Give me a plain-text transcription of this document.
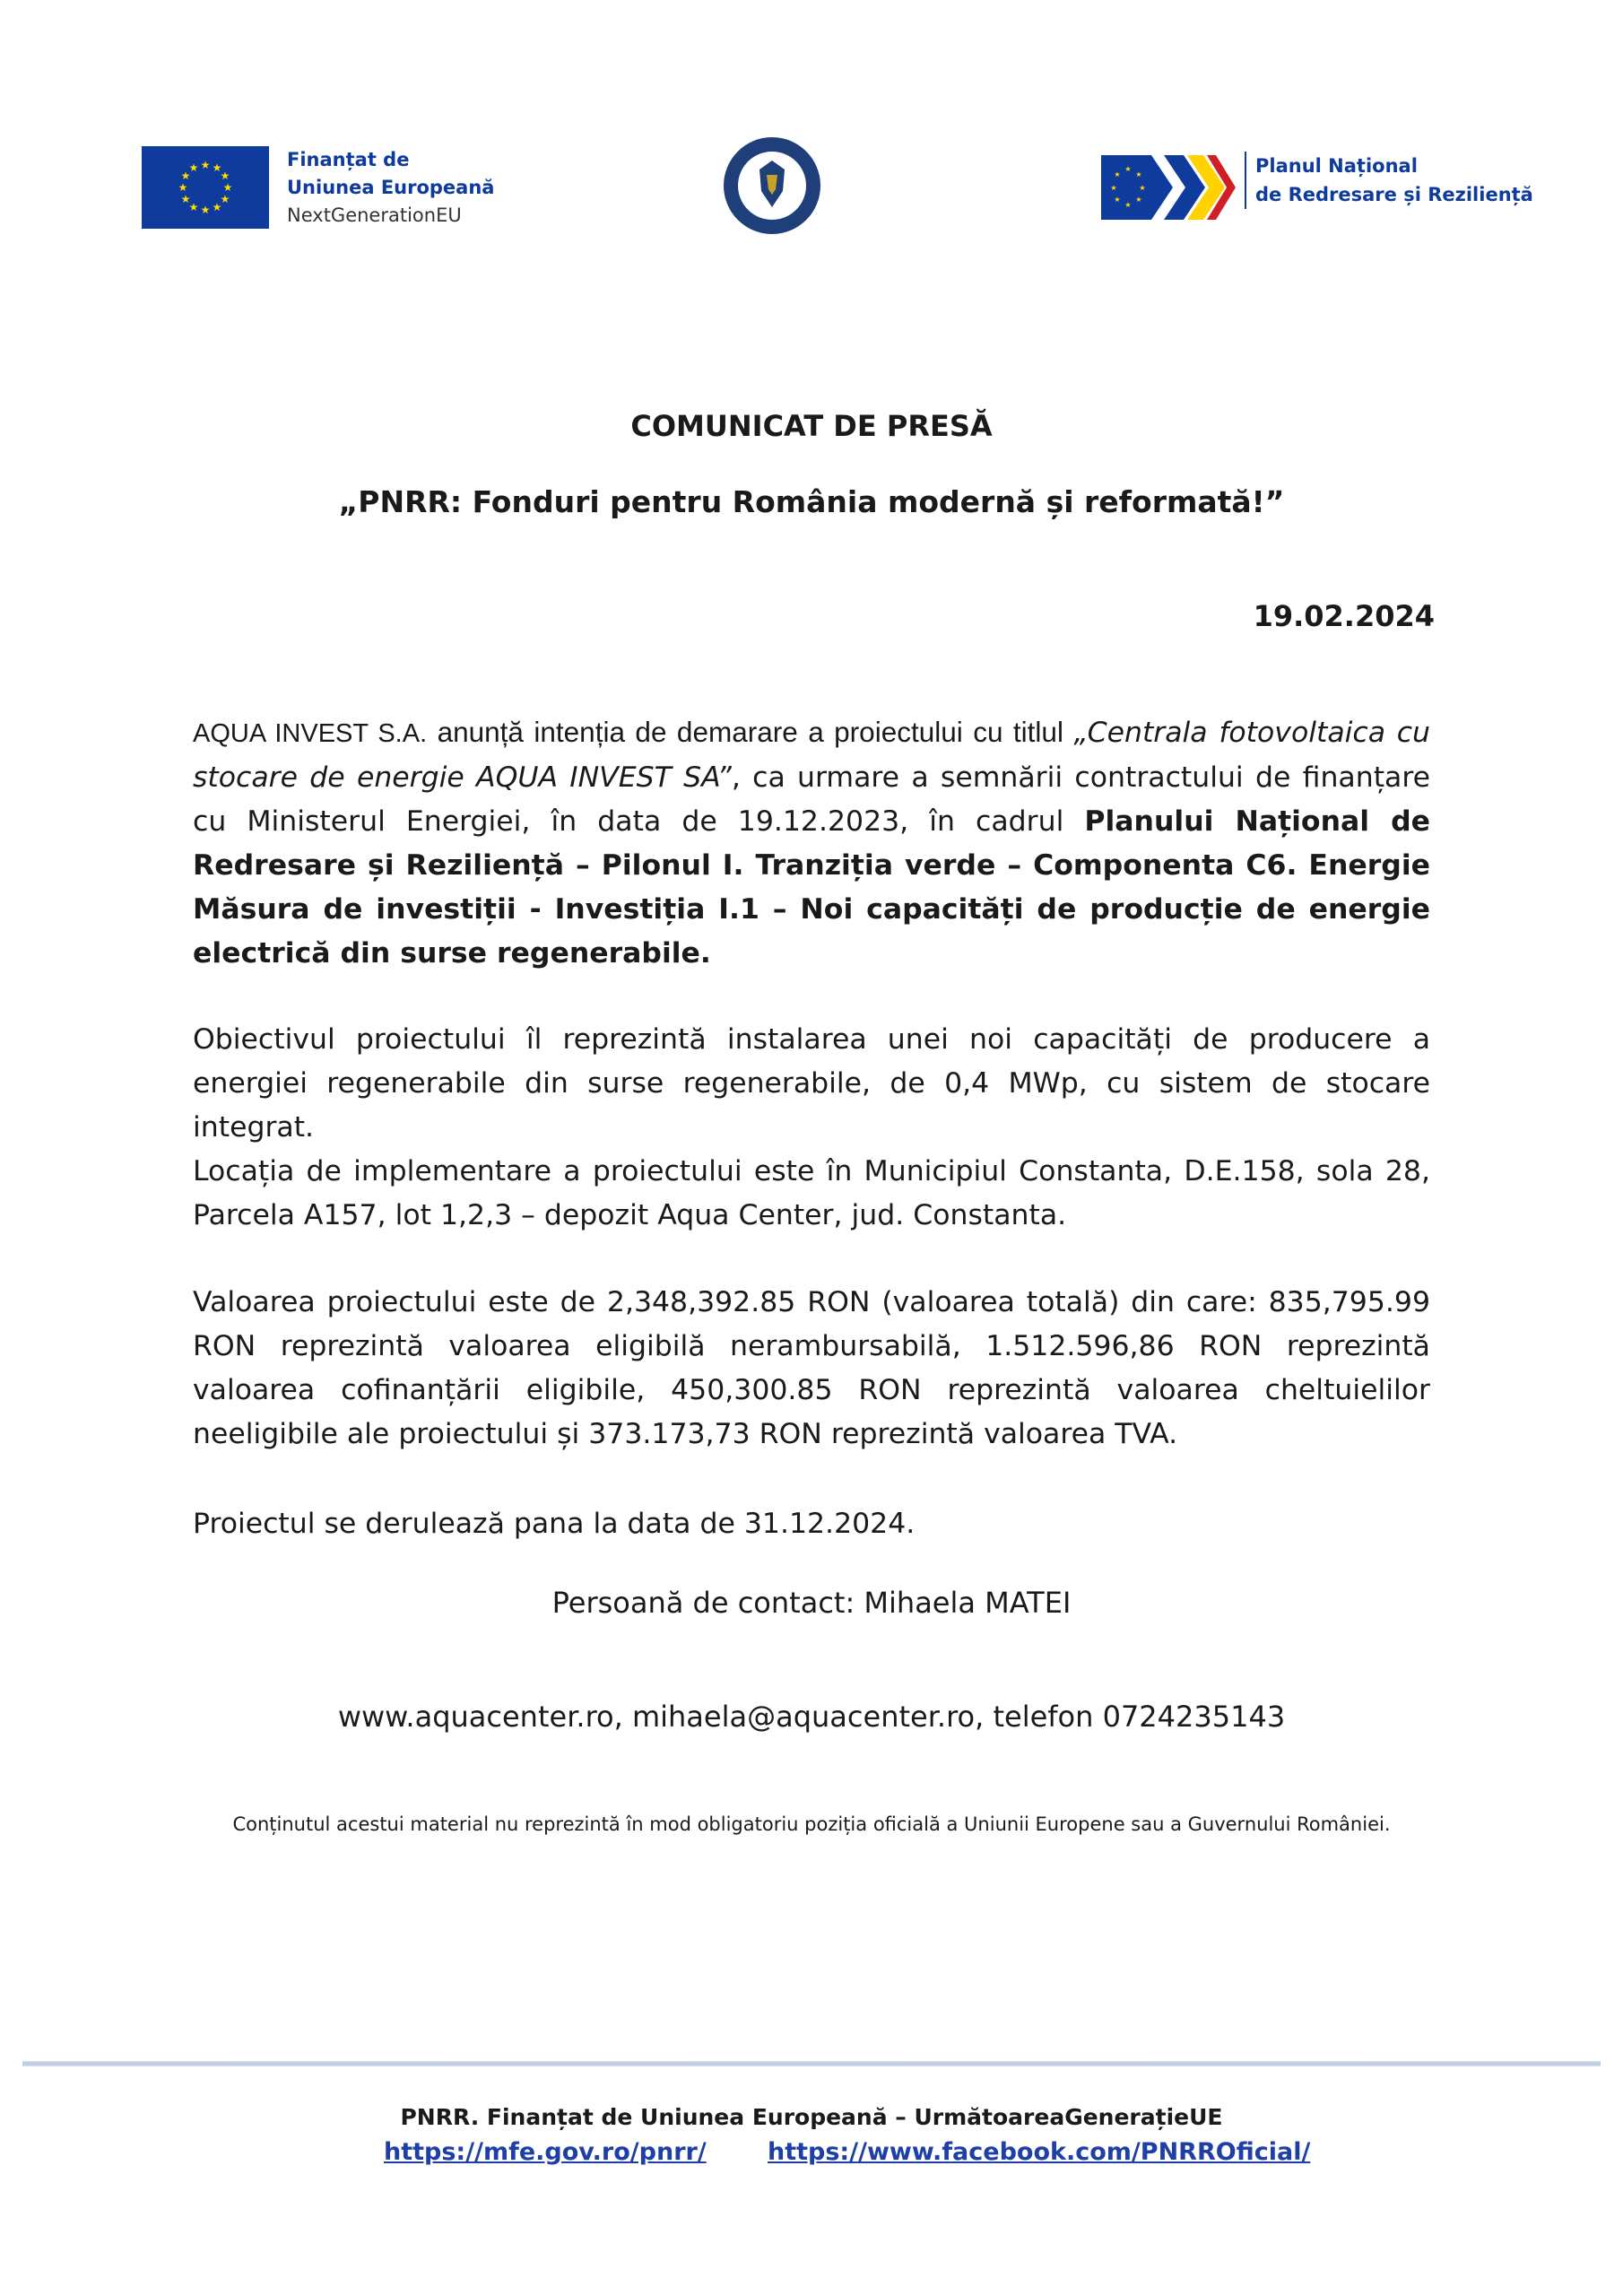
★ ★
★
★
★
★
★
★
★
★
★
★	Finanțat de
Uniunea Europeană
NextGenerationEU
★
★
★
★
★
★
★
★	Planul Național
de Redresare și Reziliență
COMUNICAT DE PRESĂ
„PNRR: Fonduri pentru România modernă și reformată!”
19.02.2024
AQUA INVEST S.A. anunță intenția de demarare a proiectului cu titlul „Centrala fotovoltaica cu stocare de energie AQUA INVEST SA”, ca urmare a semnării contractului de finanțare cu Ministerul Energiei, în data de 19.12.2023, în cadrul Planului Național de Redresare și Reziliență – Pilonul I. Tranziția verde – Componenta C6. Energie Măsura de investiții - Investiția I.1 – Noi capacități de producție de energie electrică din surse regenerabile.
Obiectivul proiectului îl reprezintă instalarea unei noi capacități de producere a energiei regenerabile din surse regenerabile, de 0,4 MWp, cu sistem de stocare integrat.
Locația de implementare a proiectului este în Municipiul Constanta, D.E.158, sola 28, Parcela A157, lot 1,2,3 – depozit Aqua Center, jud. Constanta.
Valoarea proiectului este de 2,348,392.85 RON (valoarea totală) din care: 835,795.99 RON reprezintă valoarea eligibilă nerambursabilă, 1.512.596,86 RON reprezintă valoarea cofinanțării eligibile, 450,300.85 RON reprezintă valoarea cheltuielilor neeligibile ale proiectului și 373.173,73 RON reprezintă valoarea TVA.
Proiectul se derulează pana la data de 31.12.2024.
Persoană de contact: Mihaela MATEI
www.aquacenter.ro, mihaela@aquacenter.ro, telefon 0724235143
Conținutul acestui material nu reprezintă în mod obligatoriu poziția oficială a Uniunii Europene sau a Guvernului României.
PNRR. Finanțat de Uniunea Europeană – UrmătoareaGenerațieUE
https://mfe.gov.ro/pnrr/	https://www.facebook.com/PNRROficial/
